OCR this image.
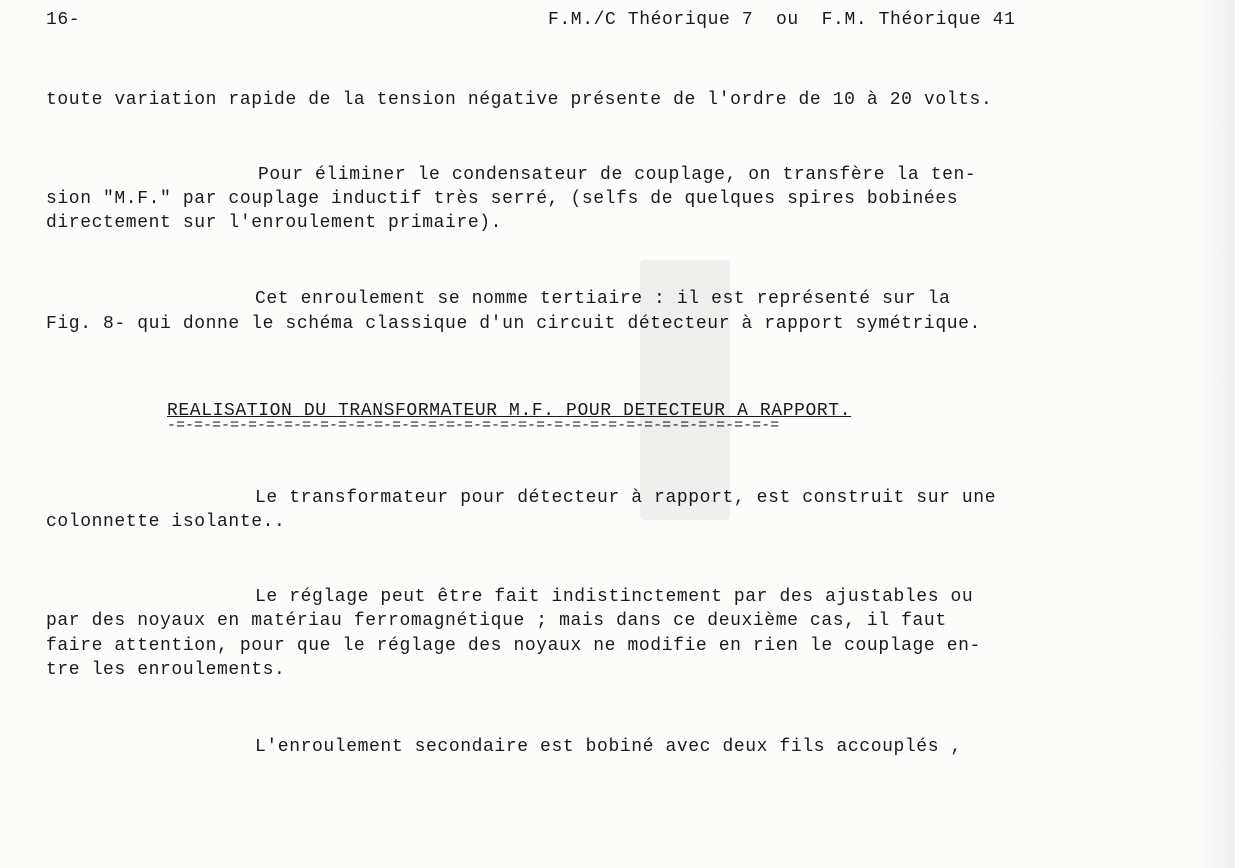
16-	F.M./C Théorique 7  ou  F.M. Théorique 41
toute variation rapide de la tension négative présente de l'ordre de 10 à 20 volts.
Pour éliminer le condensateur de couplage, on transfère la ten-
sion "M.F." par couplage inductif très serré, (selfs de quelques spires bobinées
directement sur l'enroulement primaire).
Cet enroulement se nomme tertiaire : il est représenté sur la
Fig. 8- qui donne le schéma classique d'un circuit détecteur à rapport symétrique.
REALISATION DU TRANSFORMATEUR M.F. POUR DETECTEUR A RAPPORT.
-=-=-=-=-=-=-=-=-=-=-=-=-=-=-=-=-=-=-=-=-=-=-=-=-=-=-=-=-=-=-=-=-=-=
Le transformateur pour détecteur à rapport, est construit sur une
colonnette isolante..
Le réglage peut être fait indistinctement par des ajustables ou
par des noyaux en matériau ferromagnétique ; mais dans ce deuxième cas, il faut
faire attention, pour que le réglage des noyaux ne modifie en rien le couplage en-
tre les enroulements.
L'enroulement secondaire est bobiné avec deux fils accouplés ,
